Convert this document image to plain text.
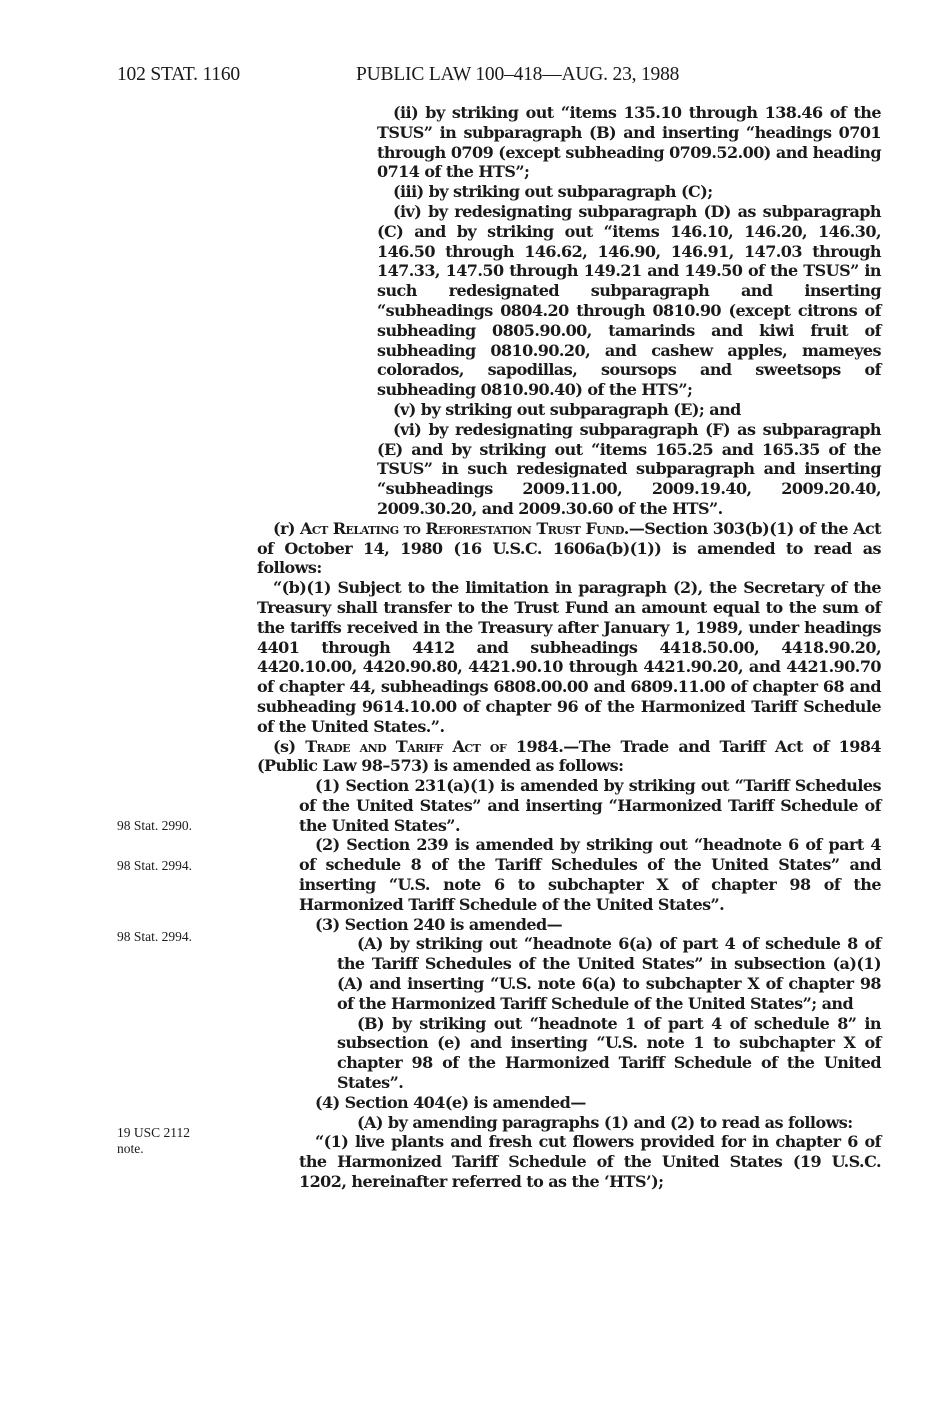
102 STAT. 1160	PUBLIC LAW 100–418—AUG. 23, 1988

(ii) by striking out “items 135.10 through 138.46 of the TSUS” in subparagraph (B) and inserting “headings 0701 through 0709 (except subheading 0709.52.00) and heading 0714 of the HTS”;

(iii) by striking out subparagraph (C);

(iv) by redesignating subparagraph (D) as subparagraph (C) and by striking out “items 146.10, 146.20, 146.30, 146.50 through 146.62, 146.90, 146.91, 147.03 through 147.33, 147.50 through 149.21 and 149.50 of the TSUS” in such redesignated subparagraph and inserting “subheadings 0804.20 through 0810.90 (except citrons of subheading 0805.90.00, tamarinds and kiwi fruit of subheading 0810.90.20, and cashew apples, mameyes colorados, sapodillas, soursops and sweetsops of subheading 0810.90.40) of the HTS”;

(v) by striking out subparagraph (E); and

(vi) by redesignating subparagraph (F) as subparagraph (E) and by striking out “items 165.25 and 165.35 of the TSUS” in such redesignated subparagraph and inserting “subheadings 2009.11.00, 2009.19.40, 2009.20.40, 2009.30.20, and 2009.30.60 of the HTS”.

(r) Act Relating to Reforestation Trust Fund.—Section 303(b)(1) of the Act of October 14, 1980 (16 U.S.C. 1606a(b)(1)) is amended to read as follows:

“(b)(1) Subject to the limitation in paragraph (2), the Secretary of the Treasury shall transfer to the Trust Fund an amount equal to the sum of the tariffs received in the Treasury after January 1, 1989, under headings 4401 through 4412 and subheadings 4418.50.00, 4418.90.20, 4420.10.00, 4420.90.80, 4421.90.10 through 4421.90.20, and 4421.90.70 of chapter 44, subheadings 6808.00.00 and 6809.11.00 of chapter 68 and subheading 9614.10.00 of chapter 96 of the Harmonized Tariff Schedule of the United States.”.

(s) Trade and Tariff Act of 1984.—The Trade and Tariff Act of 1984 (Public Law 98–573) is amended as follows:

(1) Section 231(a)(1) is amended by striking out “Tariff Schedules of the United States” and inserting “Harmonized Tariff Schedule of the United States”.

(2) Section 239 is amended by striking out “headnote 6 of part 4 of schedule 8 of the Tariff Schedules of the United States” and inserting “U.S. note 6 to subchapter X of chapter 98 of the Harmonized Tariff Schedule of the United States”.

(3) Section 240 is amended—

(A) by striking out “headnote 6(a) of part 4 of schedule 8 of the Tariff Schedules of the United States” in subsection (a)(1)(A) and inserting “U.S. note 6(a) to subchapter X of chapter 98 of the Harmonized Tariff Schedule of the United States”; and

(B) by striking out “headnote 1 of part 4 of schedule 8” in subsection (e) and inserting “U.S. note 1 to subchapter X of chapter 98 of the Harmonized Tariff Schedule of the United States”.

(4) Section 404(e) is amended—

(A) by amending paragraphs (1) and (2) to read as follows:

“(1) live plants and fresh cut flowers provided for in chapter 6 of the Harmonized Tariff Schedule of the United States (19 U.S.C. 1202, hereinafter referred to as the ‘HTS’);

98 Stat. 2990.
98 Stat. 2994.
98 Stat. 2994.
19 USC 2112
note.
